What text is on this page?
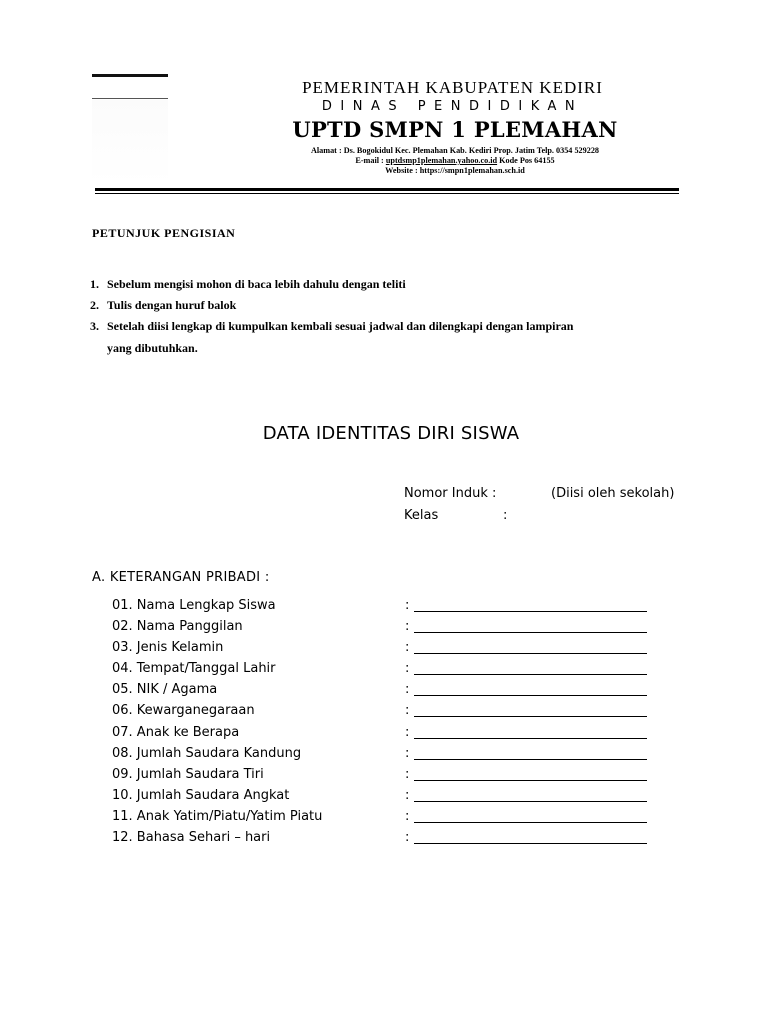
PEMERINTAH KABUPATEN KEDIRI
DINAS PENDIDIKAN
UPTD SMPN 1 PLEMAHAN
Alamat : Ds. Bogokidul Kec. Plemahan Kab. Kediri Prop. Jatim Telp. 0354 529228
E-mail : uptdsmp1plemahan.yahoo.co.id Kode Pos 64155
Website : https://smpn1plemahan.sch.id
PETUNJUK PENGISIAN
1. Sebelum mengisi mohon di baca lebih dahulu dengan teliti
2. Tulis dengan huruf balok
3. Setelah diisi lengkap di kumpulkan kembali sesuai jadwal dan dilengkapi dengan lampiran
yang dibutuhkan.
DATA IDENTITAS DIRI SISWA
Nomor Induk :	(Diisi oleh sekolah)
Kelas	:
A. KETERANGAN PRIBADI :
01. Nama Lengkap Siswa	:
02. Nama Panggilan	:
03. Jenis Kelamin	:
04. Tempat/Tanggal Lahir	:
05. NIK / Agama	:
06. Kewarganegaraan	:
07. Anak ke Berapa	:
08. Jumlah Saudara Kandung	:
09. Jumlah Saudara Tiri	:
10. Jumlah Saudara Angkat	:
11. Anak Yatim/Piatu/Yatim Piatu	:
12. Bahasa Sehari – hari	:
